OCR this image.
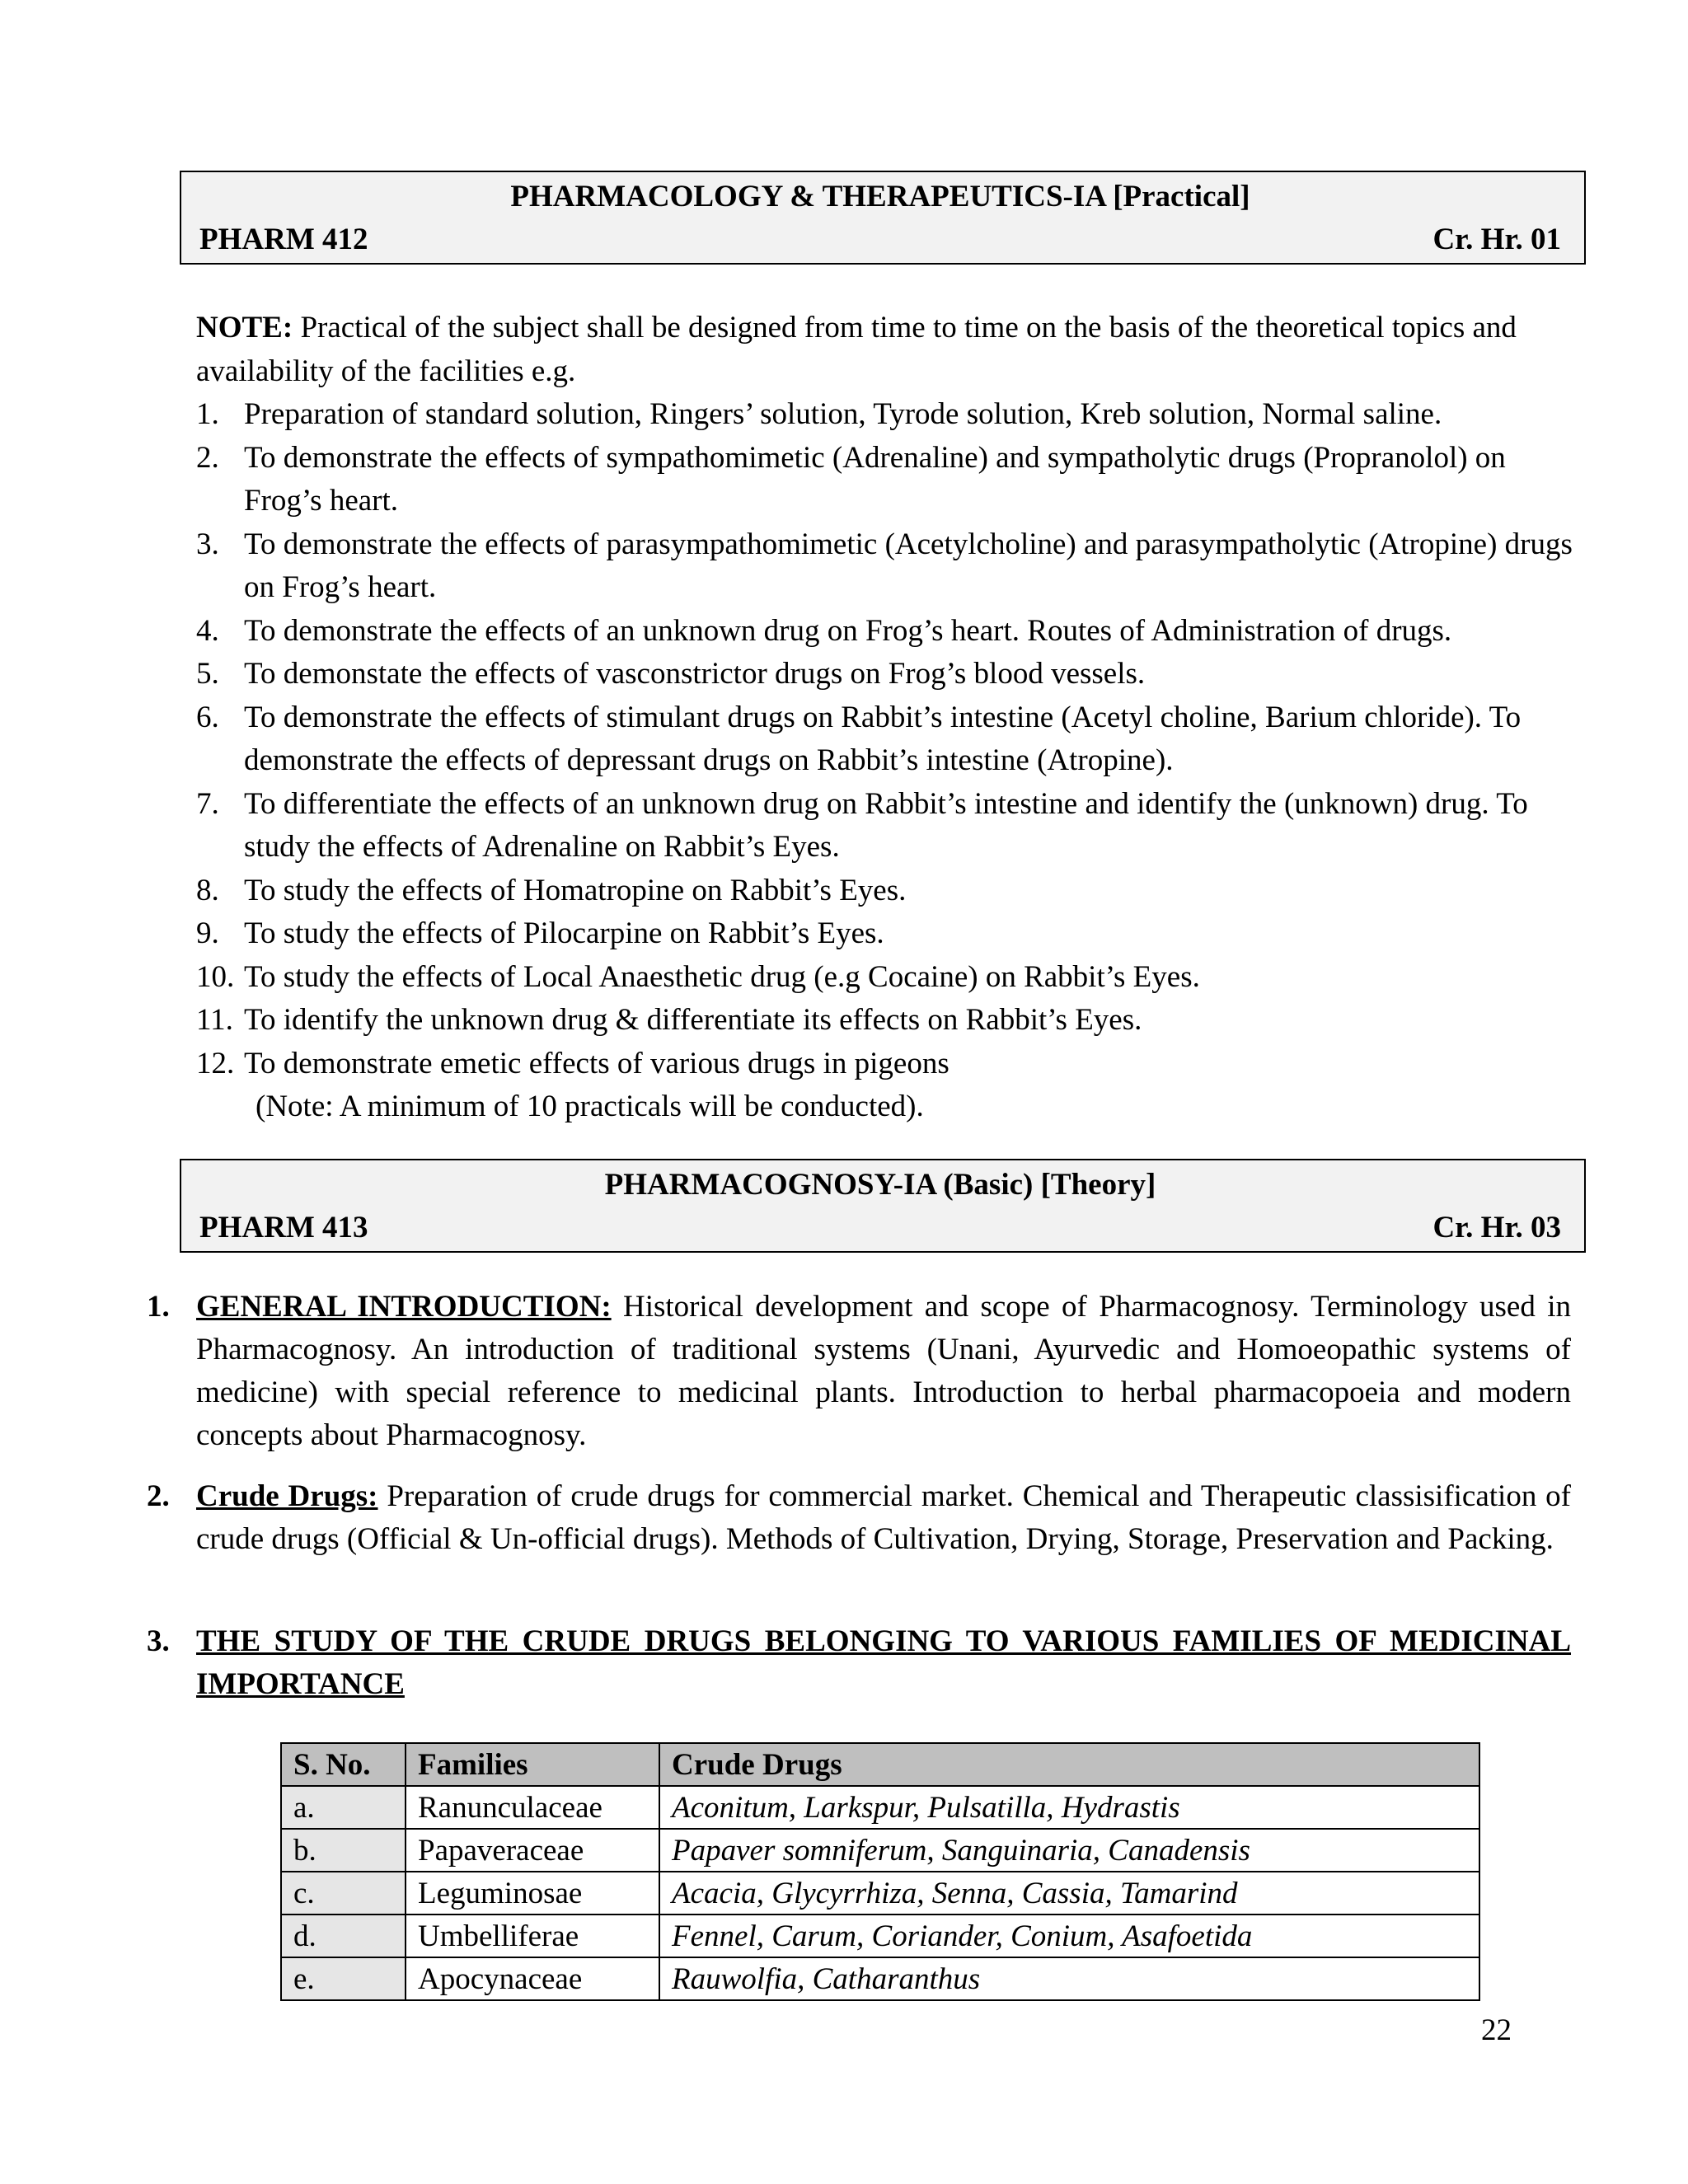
PHARMACOLOGY & THERAPEUTICS-IA [Practical]
PHARM 412	Cr. Hr. 01
NOTE: Practical of the subject shall be designed from time to time on the basis of the theoretical topics and availability of the facilities e.g.
1. Preparation of standard solution, Ringers’ solution, Tyrode solution, Kreb solution, Normal saline.
2. To demonstrate the effects of sympathomimetic (Adrenaline) and sympatholytic drugs (Propranolol) on Frog’s heart.
3. To demonstrate the effects of parasympathomimetic (Acetylcholine) and parasympatholytic (Atropine) drugs on Frog’s heart.
4. To demonstrate the effects of an unknown drug on Frog’s heart. Routes of Administration of drugs.
5. To demonstate the effects of vasconstrictor drugs on Frog’s blood vessels.
6. To demonstrate the effects of stimulant drugs on Rabbit’s intestine (Acetyl choline, Barium chloride). To demonstrate the effects of depressant drugs on Rabbit’s intestine (Atropine).
7. To differentiate the effects of an unknown drug on Rabbit’s intestine and identify the (unknown) drug. To study the effects of Adrenaline on Rabbit’s Eyes.
8. To study the effects of Homatropine on Rabbit’s Eyes.
9. To study the effects of Pilocarpine on Rabbit’s Eyes.
10. To study the effects of Local Anaesthetic drug (e.g Cocaine) on Rabbit’s Eyes.
11. To identify the unknown drug & differentiate its effects on Rabbit’s Eyes.
12. To demonstrate emetic effects of various drugs in pigeons
(Note: A minimum of 10 practicals will be conducted).
PHARMACOGNOSY-IA (Basic) [Theory]
PHARM 413	Cr. Hr. 03
1. GENERAL INTRODUCTION: Historical development and scope of Pharmacognosy. Terminology used in Pharmacognosy. An introduction of traditional systems (Unani, Ayurvedic and Homoeopathic systems of medicine) with special reference to medicinal plants. Introduction to herbal pharmacopoeia and modern concepts about Pharmacognosy.
2. Crude Drugs: Preparation of crude drugs for commercial market. Chemical and Therapeutic classisification of crude drugs (Official & Un-official drugs). Methods of Cultivation, Drying, Storage, Preservation and Packing.
3. THE STUDY OF THE CRUDE DRUGS BELONGING TO VARIOUS FAMILIES OF MEDICINAL IMPORTANCE
S. No.	Families	Crude Drugs
a.	Ranunculaceae	Aconitum, Larkspur, Pulsatilla, Hydrastis
b.	Papaveraceae	Papaver somniferum, Sanguinaria, Canadensis
c.	Leguminosae	Acacia, Glycyrrhiza, Senna, Cassia, Tamarind
d.	Umbelliferae	Fennel, Carum, Coriander, Conium, Asafoetida
e.	Apocynaceae	Rauwolfia, Catharanthus
22
